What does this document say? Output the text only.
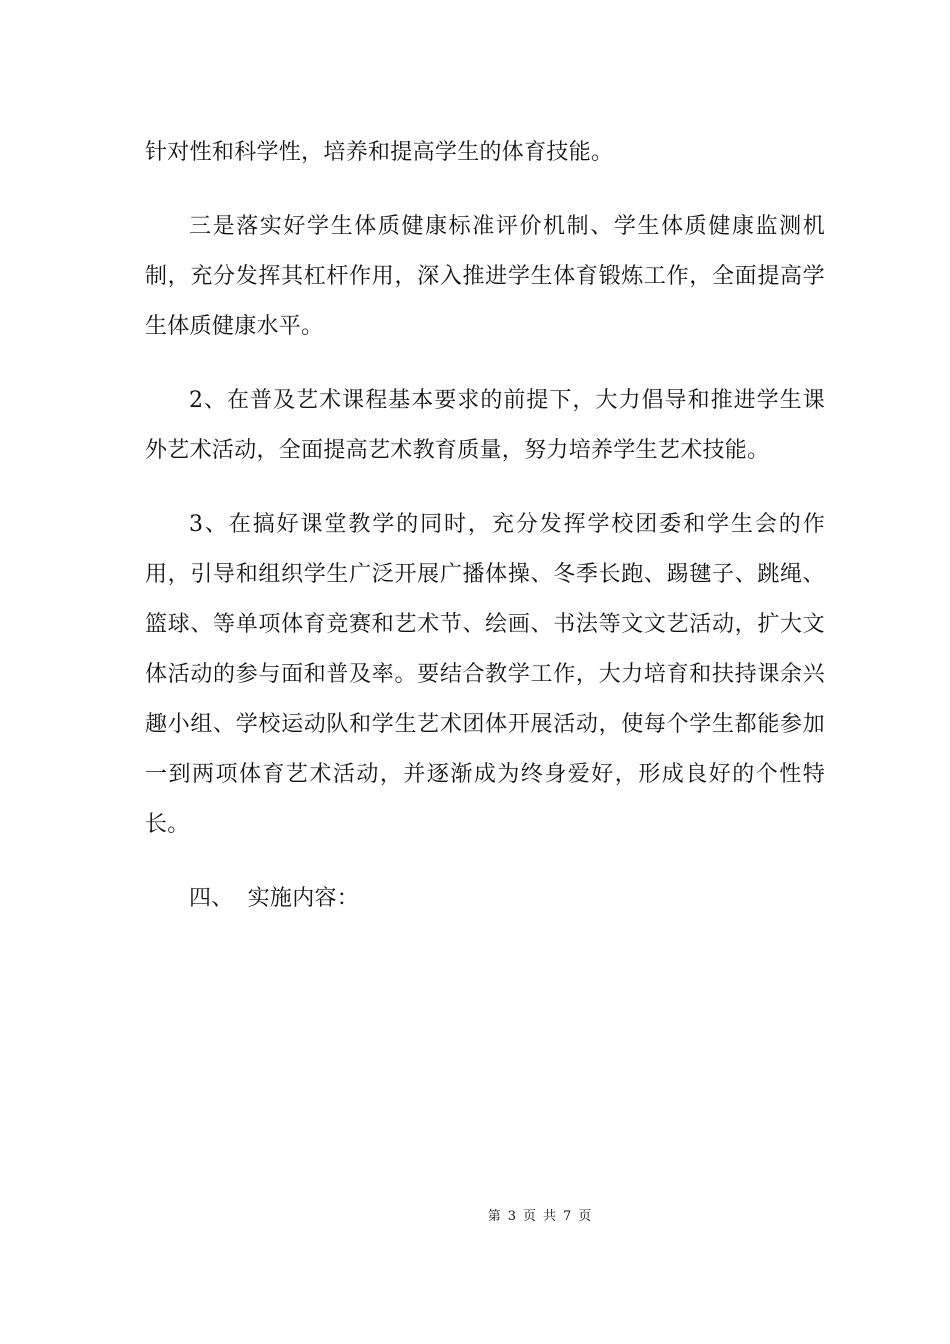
针对性和科学性，培养和提高学生的体育技能。

三是落实好学生体质健康标准评价机制、学生体质健康监测机制，充分发挥其杠杆作用，深入推进学生体育锻炼工作，全面提高学生体质健康水平。

2、在普及艺术课程基本要求的前提下，大力倡导和推进学生课外艺术活动，全面提高艺术教育质量，努力培养学生艺术技能。

3、在搞好课堂教学的同时，充分发挥学校团委和学生会的作用，引导和组织学生广泛开展广播体操、冬季长跑、踢毽子、跳绳、篮球、等单项体育竞赛和艺术节、绘画、书法等文文艺活动，扩大文体活动的参与面和普及率。要结合教学工作，大力培育和扶持课余兴趣小组、学校运动队和学生艺术团体开展活动，使每个学生都能参加一到两项体育艺术活动，并逐渐成为终身爱好，形成良好的个性特长。

四、 实施内容：

第 3 页 共 7 页
